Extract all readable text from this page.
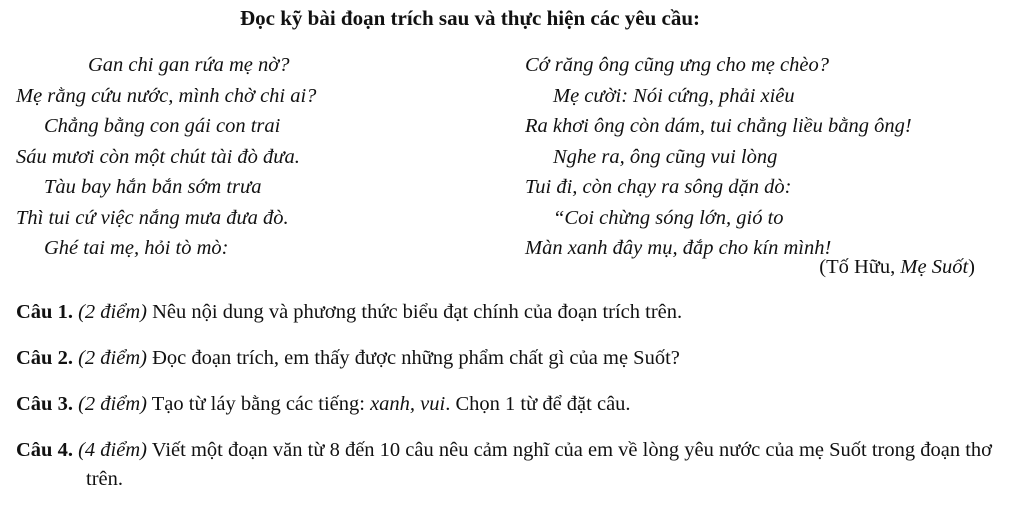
Đọc kỹ bài đoạn trích sau và thực hiện các yêu cầu:
Gan chi gan rứa mẹ nờ?
Mẹ rằng cứu nước, mình chờ chi ai?
Chẳng bằng con gái con trai
Sáu mươi còn một chút tài đò đưa.
Tàu bay hắn bắn sớm trưa
Thì tui cứ việc nắng mưa đưa đò.
Ghé tai mẹ, hỏi tò mò:
Cớ răng ông cũng ưng cho mẹ chèo?
Mẹ cười: Nói cứng, phải xiêu
Ra khơi ông còn dám, tui chẳng liều bằng ông!
Nghe ra, ông cũng vui lòng
Tui đi, còn chạy ra sông dặn dò:
“Coi chừng sóng lớn, gió to
Màn xanh đây mụ, đắp cho kín mình!
(Tố Hữu, Mẹ Suốt)
Câu 1. (2 điểm) Nêu nội dung và phương thức biểu đạt chính của đoạn trích trên.
Câu 2. (2 điểm) Đọc đoạn trích, em thấy được những phẩm chất gì của mẹ Suốt?
Câu 3. (2 điểm) Tạo từ láy bằng các tiếng: xanh, vui. Chọn 1 từ để đặt câu.
Câu 4. (4 điểm) Viết một đoạn văn từ 8 đến 10 câu nêu cảm nghĩ của em về lòng yêu nước của mẹ Suốt trong đoạn thơ trên.
